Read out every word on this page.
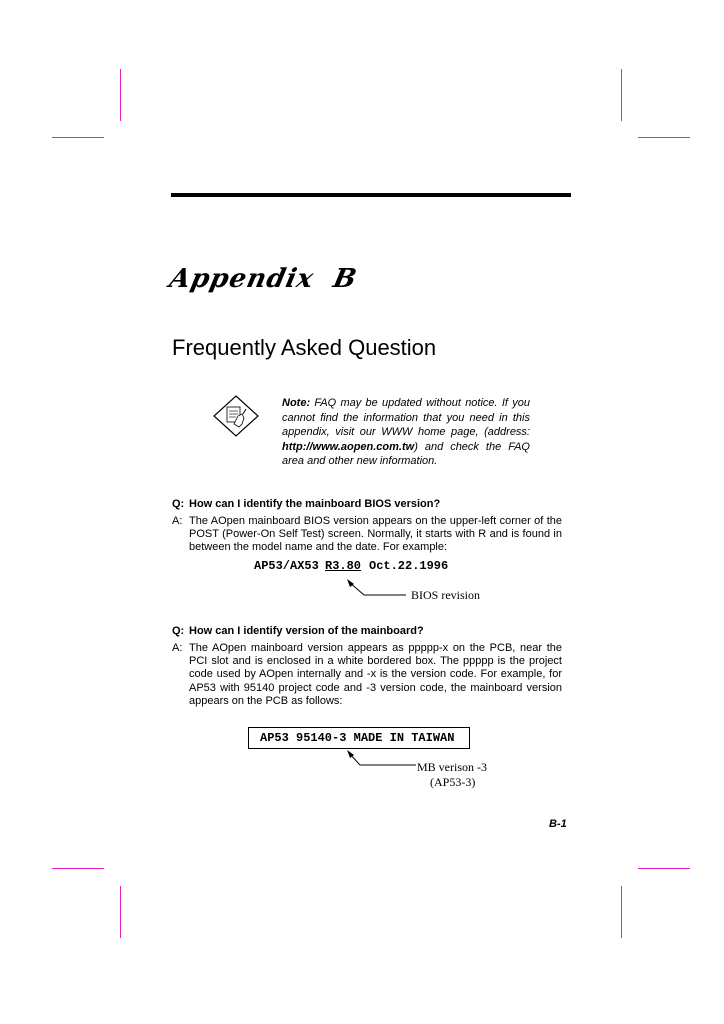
Appendix  B
Frequently Asked Question
Note: FAQ may be updated without notice. If you cannot find the information that you need in this appendix, visit our WWW home page, (address: http://www.aopen.com.tw) and check the FAQ area and other new information.
Q: How can I identify the mainboard BIOS version?
A: The AOpen mainboard BIOS version appears on the upper-left corner of the POST (Power-On Self Test) screen. Normally, it starts with R and is found in between the model name and the date. For example:
AP53/AX53 R3.80 Oct.22.1996
BIOS revision
Q: How can I identify version of the mainboard?
A: The AOpen mainboard version appears as ppppp-x on the PCB, near the PCI slot and is enclosed in a white bordered box. The ppppp is the project code used by AOpen internally and -x is the version code. For example, for AP53 with 95140 project code and -3 version code, the mainboard version appears on the PCB as follows:
AP53 95140-3 MADE IN TAIWAN
MB verison -3
(AP53-3)
B-1
